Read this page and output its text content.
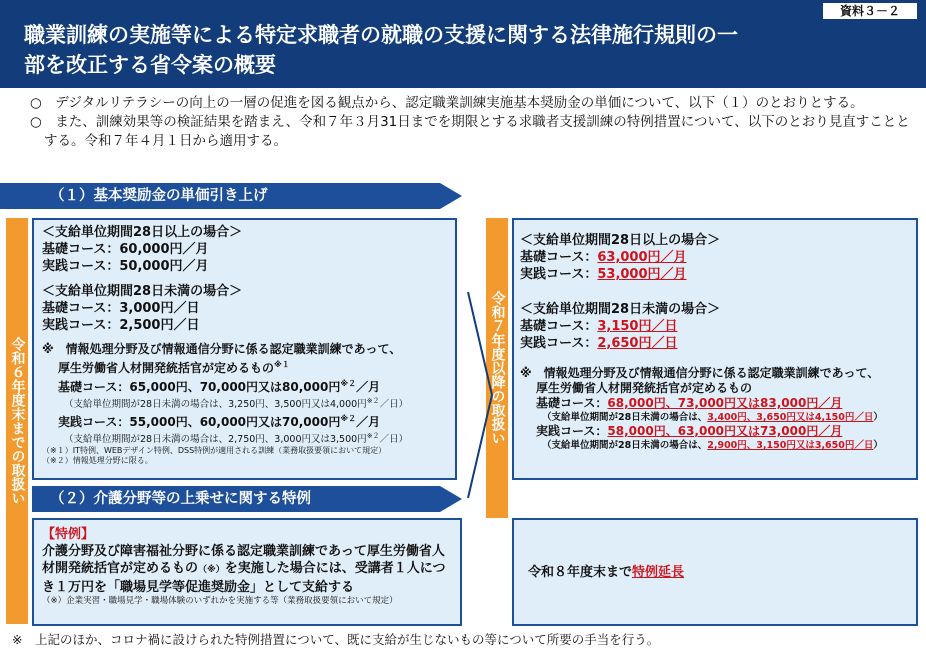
資料３－２
職業訓練の実施等による特定求職者の就職の支援に関する法律施行規則の一
部を改正する省令案の概要

○　デジタルリテラシーの向上の一層の促進を図る観点から、認定職業訓練実施基本奨励金の単価について、以下（１）のとおりとする。

○　また、訓練効果等の検証結果を踏まえ、令和７年３月31日までを期限とする求職者支援訓練の特例措置について、以下のとおり見直すこととする。令和７年４月１日から適用する。

（１）基本奨励金の単価引き上げ
令和６年度末までの取扱い	令和７年度以降の取扱い
＜支給単位期間28日以上の場合＞
基礎コース：60,000円／月
実践コース：50,000円／月
＜支給単位期間28日未満の場合＞
基礎コース：3,000円／日
実践コース：2,500円／日
※　情報処理分野及び情報通信分野に係る認定職業訓練であって、
厚生労働省人材開発統括官が定めるもの$^{※1}$
基礎コース：65,000円、70,000円又は80,000円$^{※2}$／月
（支給単位期間が28日未満の場合は、3,250円、3,500円又は4,000円$^{※2}$／日）
実践コース：55,000円、60,000円又は70,000円$^{※2}$／月
（支給単位期間が28日未満の場合は、2,750円、3,000円又は3,500円$^{※2}$／日）
（※１）IT特例、WEBデザイン特例、DSS特例が適用される訓練（業務取扱要領において規定）
（※２）情報処理分野に限る。
＜支給単位期間28日以上の場合＞
基礎コース：63,000円／月
実践コース：53,000円／月
＜支給単位期間28日未満の場合＞
基礎コース：3,150円／日
実践コース：2,650円／日
※　情報処理分野及び情報通信分野に係る認定職業訓練であって、
厚生労働省人材開発統括官が定めるもの
基礎コース：68,000円、73,000円又は83,000円／月
（支給単位期間が28日未満の場合は、3,400円、3,650円又は4,150円／日）
実践コース：58,000円、63,000円又は73,000円／月
（支給単位期間が28日未満の場合は、2,900円、3,150円又は3,650円／日）
（２）介護分野等の上乗せに関する特例
【特例】
介護分野及び障害福祉分野に係る認定職業訓練であって厚生労働省人材開発統括官が定めるもの（※）を実施した場合には、受講者１人につき１万円を「職場見学等促進奨励金」として支給する
（※）企業実習・職場見学・職場体験のいずれかを実施する等（業務取扱要領において規定）
令和８年度末まで特例延長
※　上記のほか、コロナ禍に設けられた特例措置について、既に支給が生じないもの等について所要の手当を行う。
